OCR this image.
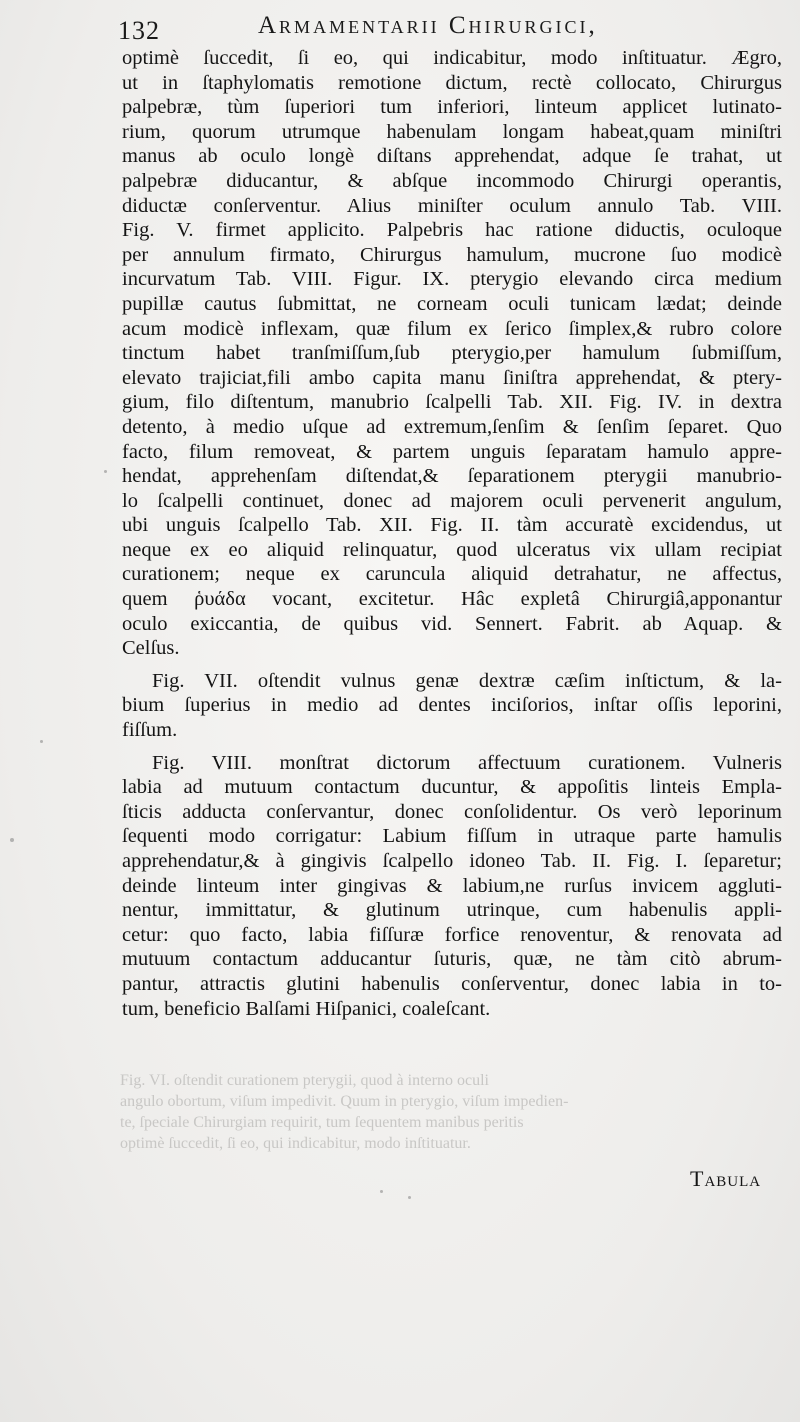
132	Armamentarii Chirurgici,
Fig. VI. oſtendit curationem pterygii, quod à interno oculi
angulo obortum, viſum impedivit. Quum in pterygio, viſum impedien-
te, ſpeciale Chirurgiam requirit, tum ſequentem manibus peritis
optimè ſuccedit, ſi eo, qui indicabitur, modo inſtituatur.
optimè ſuccedit, ſi eo, qui indicabitur, modo inſtituatur. Ægro,
ut in ſtaphylomatis remotione dictum, rectè collocato, Chirurgus
palpebræ, tùm ſuperiori tum inferiori, linteum applicet lutinato-
rium, quorum utrumque habenulam longam habeat,quam miniſtri
manus ab oculo longè diſtans apprehendat, adque ſe trahat, ut
palpebræ diducantur, & abſque incommodo Chirurgi operantis,
diductæ conſerventur. Alius miniſter oculum annulo Tab. VIII.
Fig. V. firmet applicito. Palpebris hac ratione diductis, oculoque
per annulum firmato, Chirurgus hamulum, mucrone ſuo modicè
incurvatum Tab. VIII. Figur. IX. pterygio elevando circa medium
pupillæ cautus ſubmittat, ne corneam oculi tunicam lædat; deinde
acum modicè inflexam, quæ filum ex ſerico ſimplex,& rubro colore
tinctum habet tranſmiſſum,ſub pterygio,per hamulum ſubmiſſum,
elevato trajiciat,fili ambo capita manu ſiniſtra apprehendat, & ptery-
gium, filo diſtentum, manubrio ſcalpelli Tab. XII. Fig. IV. in dextra
detento, à medio uſque ad extremum,ſenſim & ſenſim ſeparet. Quo
facto, filum removeat, & partem unguis ſeparatam hamulo appre-
hendat, apprehenſam diſtendat,& ſeparationem pterygii manubrio-
lo ſcalpelli continuet, donec ad majorem oculi pervenerit angulum,
ubi unguis ſcalpello Tab. XII. Fig. II. tàm accuratè excidendus, ut
neque ex eo aliquid relinquatur, quod ulceratus vix ullam recipiat
curationem; neque ex caruncula aliquid detrahatur, ne affectus,
quem ῥυάδα vocant, excitetur. Hâc expletâ Chirurgiâ,apponantur
oculo exiccantia, de quibus vid. Sennert. Fabrit. ab Aquap. &
Celſus.
Fig. VII. oſtendit vulnus genæ dextræ cæſim inſtictum, & la-
bium ſuperius in medio ad dentes inciſorios, inſtar oſſis leporini,
fiſſum.
Fig. VIII. monſtrat dictorum affectuum curationem. Vulneris
labia ad mutuum contactum ducuntur, & appoſitis linteis Empla-
ſticis adducta conſervantur, donec conſolidentur. Os verò leporinum
ſequenti modo corrigatur: Labium fiſſum in utraque parte hamulis
apprehendatur,& à gingivis ſcalpello idoneo Tab. II. Fig. I. ſeparetur;
deinde linteum inter gingivas & labium,ne rurſus invicem aggluti-
nentur, immittatur, & glutinum utrinque, cum habenulis appli-
cetur: quo facto, labia fiſſuræ forfice renoventur, & renovata ad
mutuum contactum adducantur ſuturis, quæ, ne tàm citò abrum-
pantur, attractis glutini habenulis conſerventur, donec labia in to-
tum, beneficio Balſami Hiſpanici, coaleſcant.
Tabula
